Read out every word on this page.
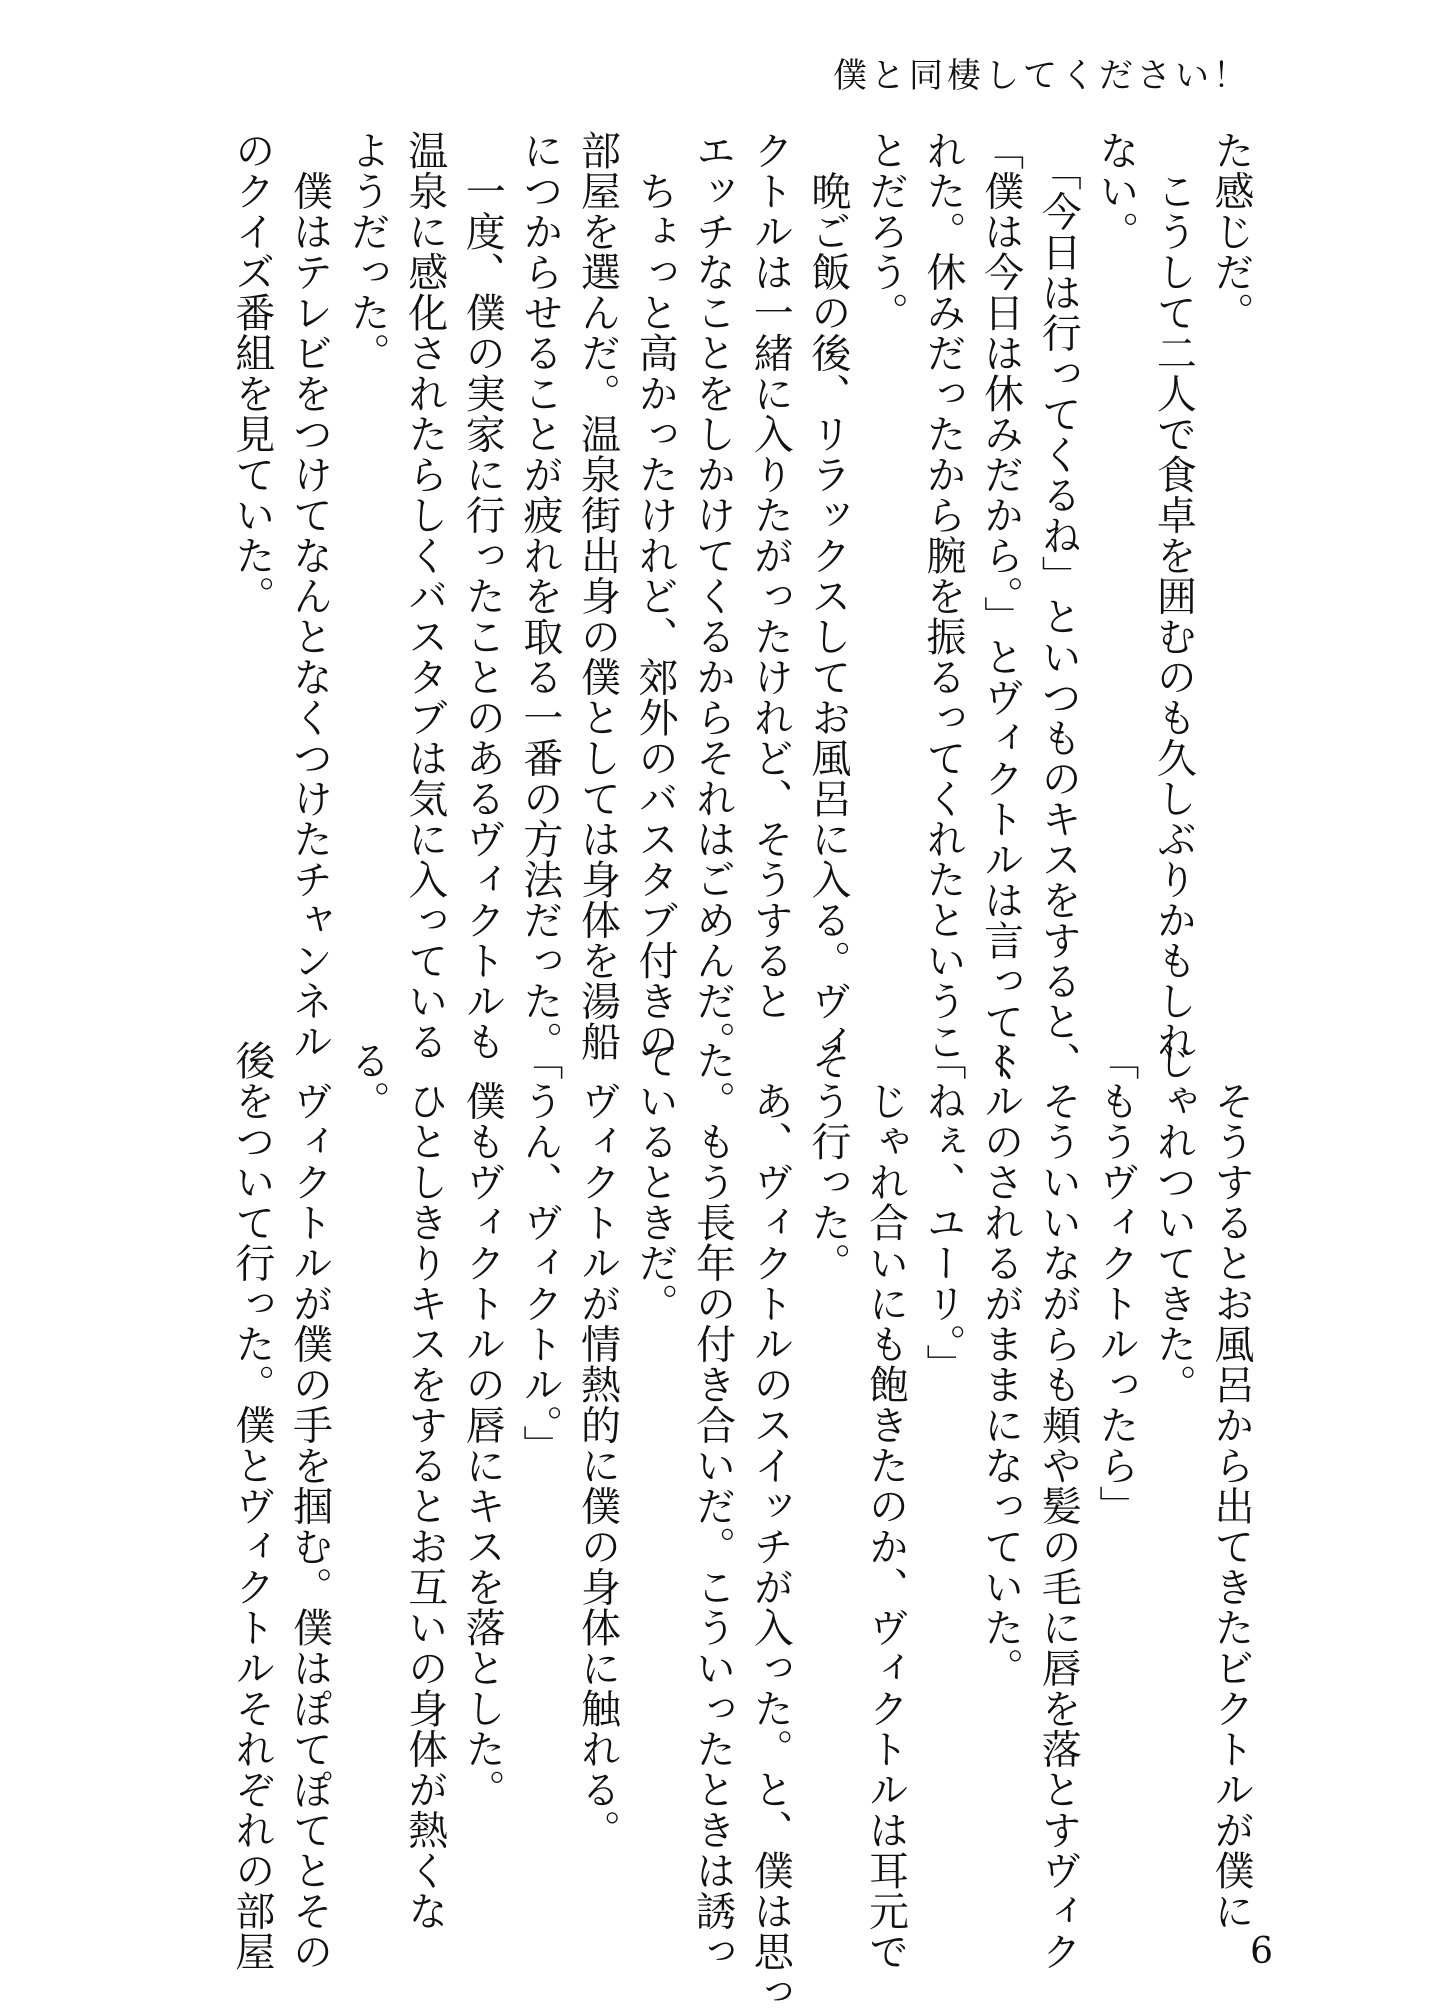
僕と同棲してください！
た感じだ。
　こうして二人で食卓を囲むのも久しぶりかもしれ
ない。
　「今日は行ってくるね」といつものキスをすると、
「僕は今日は休みだから。」とヴィクトルは言ってく
れた。休みだったから腕を振るってくれたというこ
とだろう。
　晩ご飯の後、リラックスしてお風呂に入る。ヴィ
クトルは一緒に入りたがったけれど、そうすると
エッチなことをしかけてくるからそれはごめんだ。
　ちょっと高かったけれど、郊外のバスタブ付きの
部屋を選んだ。温泉街出身の僕としては身体を湯船
につからせることが疲れを取る一番の方法だった。
　一度、僕の実家に行ったことのあるヴィクトルも
温泉に感化されたらしくバスタブは気に入っている
ようだった。
　僕はテレビをつけてなんとなくつけたチャンネル
のクイズ番組を見ていた。
　そうするとお風呂から出てきたビクトルが僕に
じゃれついてきた。
「もうヴィクトルったら」
　そういいながらも頬や髪の毛に唇を落とすヴィク
トルのされるがままになっていた。
「ねぇ、ユーリ。」
　じゃれ合いにも飽きたのか、ヴィクトルは耳元で
そう行った。
　あ、ヴィクトルのスイッチが入った。と、僕は思っ
た。もう長年の付き合いだ。こういったときは誘っ
ているときだ。
　ヴィクトルが情熱的に僕の身体に触れる。
「うん、ヴィクトル。」
　僕もヴィクトルの唇にキスを落とした。
　ひとしきりキスをするとお互いの身体が熱くな
る。
　ヴィクトルが僕の手を掴む。僕はぽてぽてとその
後をついて行った。僕とヴィクトルそれぞれの部屋	6
